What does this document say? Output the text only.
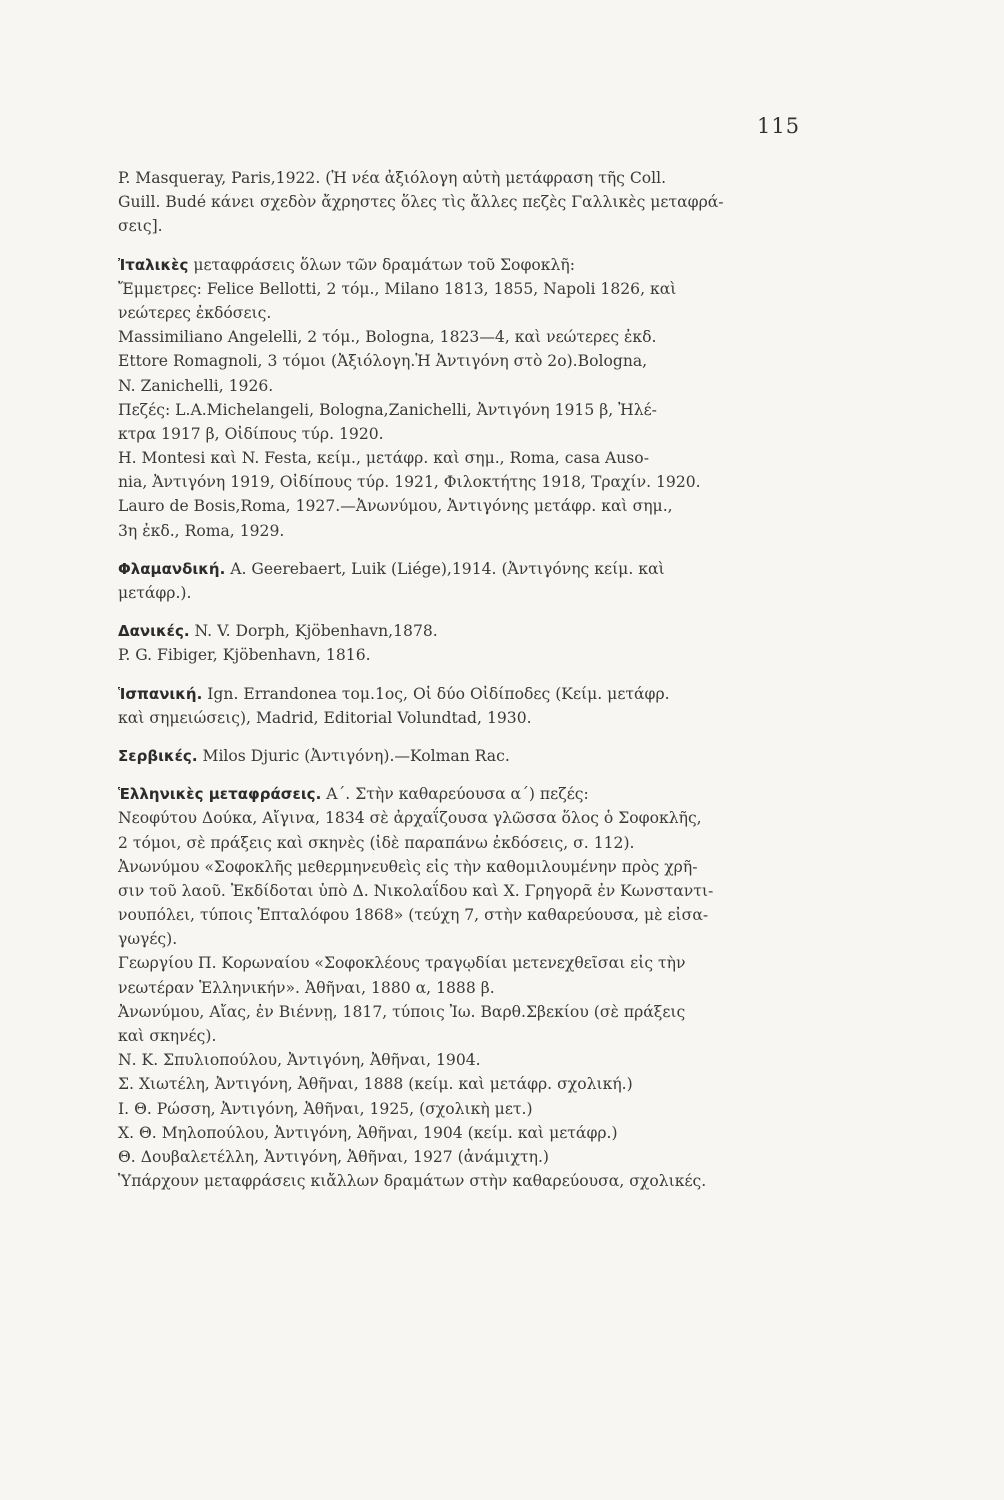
115
P. Masqueray, Paris,1922. (Ἡ νέα ἀξιόλογη αὐτὴ μετάφραση τῆς Coll.
Guill. Budé κάνει σχεδὸν ἄχρηστες ὅλες τὶς ἄλλες πεζὲς Γαλλικὲς μεταφρά-
σεις].
Ἰταλικὲς μεταφράσεις ὅλων τῶν δραμάτων τοῦ Σοφοκλῆ:
Ἔμμετρες: Felice Bellotti, 2 τόμ., Milano 1813, 1855, Napoli 1826, καὶ
νεώτερες ἐκδόσεις.
Massimiliano Angelelli, 2 τόμ., Bologna, 1823—4, καὶ νεώτερες ἐκδ.
Ettore Romagnoli, 3 τόμοι (Ἀξιόλογη.Ἡ Ἀντιγόνη στὸ 2ο).Bologna,
N. Zanichelli, 1926.
Πεζές: L.A.Michelangeli, Bologna,Zanichelli, Ἀντιγόνη 1915 β, Ἠλέ-
κτρα 1917 β, Οἰδίπους τύρ. 1920.
H. Montesi καὶ N. Festa, κείμ., μετάφρ. καὶ σημ., Roma, casa Auso-
nia, Ἀντιγόνη 1919, Οἰδίπους τύρ. 1921, Φιλοκτήτης 1918, Τραχίν. 1920.
Lauro de Bosis,Roma, 1927.—Ἀνωνύμου, Ἀντιγόνης μετάφρ. καὶ σημ.,
3η ἐκδ., Roma, 1929.
Φλαμανδική. A. Geerebaert, Luik (Liége),1914. (Ἀντιγόνης κείμ. καὶ
μετάφρ.).
Δανικές. N. V. Dorph, Kjöbenhavn,1878.
P. G. Fibiger, Kjöbenhavn, 1816.
Ἱσπανική. Ign. Errandonea τομ.1ος, Οἱ δύο Οἰδίποδες (Κείμ. μετάφρ.
καὶ σημειώσεις), Madrid, Editorial Volundtad, 1930.
Σερβικές. Milos Djuric (Ἀντιγόνη).—Kolman Rac.
Ἑλληνικὲς μεταφράσεις. Α΄. Στὴν καθαρεύουσα α΄) πεζές:
Νεοφύτου Δούκα, Αἴγινα, 1834 σὲ ἀρχαΐζουσα γλῶσσα ὅλος ὁ Σοφοκλῆς,
2 τόμοι, σὲ πράξεις καὶ σκηνὲς (ἰδὲ παραπάνω ἐκδόσεις, σ. 112).
Ἀνωνύμου «Σοφοκλῆς μεθερμηνευθεὶς εἰς τὴν καθομιλουμένην πρὸς χρῆ-
σιν τοῦ λαοῦ. Ἐκδίδοται ὑπὸ Δ. Νικολαΐδου καὶ Χ. Γρηγορᾶ ἐν Κωνσταντι-
νουπόλει, τύποις Ἑπταλόφου 1868» (τεύχη 7, στὴν καθαρεύουσα, μὲ εἰσα-
γωγές).
Γεωργίου Π. Κορωναίου «Σοφοκλέους τραγῳδίαι μετενεχθεῖσαι εἰς τὴν
νεωτέραν Ἑλληνικήν». Ἀθῆναι, 1880 α, 1888 β.
Ἀνωνύμου, Αἴας, ἐν Βιέννῃ, 1817, τύποις Ἰω. Βαρθ.Σβεκίου (σὲ πράξεις
καὶ σκηνές).
Ν. Κ. Σπυλιοπούλου, Ἀντιγόνη, Ἀθῆναι, 1904.
Σ. Χιωτέλη, Ἀντιγόνη, Ἀθῆναι, 1888 (κείμ. καὶ μετάφρ. σχολική.)
Ι. Θ. Ρώσση, Ἀντιγόνη, Ἀθῆναι, 1925, (σχολικὴ μετ.)
Χ. Θ. Μηλοπούλου, Ἀντιγόνη, Ἀθῆναι, 1904 (κείμ. καὶ μετάφρ.)
Θ. Δουβαλετέλλη, Ἀντιγόνη, Ἀθῆναι, 1927 (ἀνάμιχτη.)
Ὑπάρχουν μεταφράσεις κιἄλλων δραμάτων στὴν καθαρεύουσα, σχολικές.
